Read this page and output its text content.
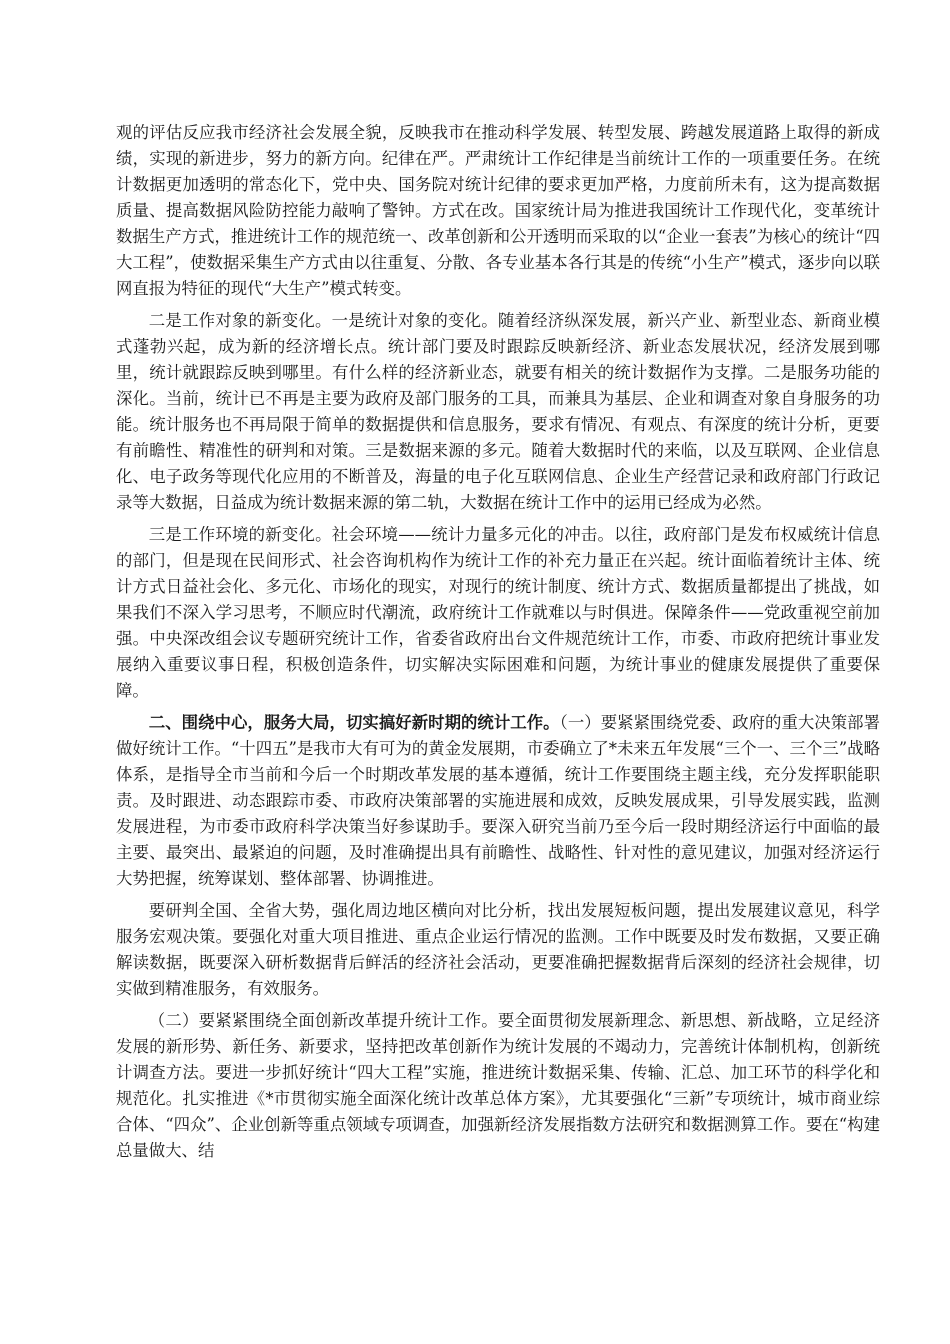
观的评估反应我市经济社会发展全貌，反映我市在推动科学发展、转型发展、跨越发展道路上取得的新成绩，实现的新进步，努力的新方向。纪律在严。严肃统计工作纪律是当前统计工作的一项重要任务。在统计数据更加透明的常态化下，党中央、国务院对统计纪律的要求更加严格，力度前所未有，这为提高数据质量、提高数据风险防控能力敲响了警钟。方式在改。国家统计局为推进我国统计工作现代化，变革统计数据生产方式，推进统计工作的规范统一、改革创新和公开透明而采取的以“企业一套表”为核心的统计“四大工程”，使数据采集生产方式由以往重复、分散、各专业基本各行其是的传统“小生产”模式，逐步向以联网直报为特征的现代“大生产”模式转变。

二是工作对象的新变化。一是统计对象的变化。随着经济纵深发展，新兴产业、新型业态、新商业模式蓬勃兴起，成为新的经济增长点。统计部门要及时跟踪反映新经济、新业态发展状况，经济发展到哪里，统计就跟踪反映到哪里。有什么样的经济新业态，就要有相关的统计数据作为支撑。二是服务功能的深化。当前，统计已不再是主要为政府及部门服务的工具，而兼具为基层、企业和调查对象自身服务的功能。统计服务也不再局限于简单的数据提供和信息服务，要求有情况、有观点、有深度的统计分析，更要有前瞻性、精准性的研判和对策。三是数据来源的多元。随着大数据时代的来临，以及互联网、企业信息化、电子政务等现代化应用的不断普及，海量的电子化互联网信息、企业生产经营记录和政府部门行政记录等大数据，日益成为统计数据来源的第二轨，大数据在统计工作中的运用已经成为必然。

三是工作环境的新变化。社会环境——统计力量多元化的冲击。以往，政府部门是发布权威统计信息的部门，但是现在民间形式、社会咨询机构作为统计工作的补充力量正在兴起。统计面临着统计主体、统计方式日益社会化、多元化、市场化的现实，对现行的统计制度、统计方式、数据质量都提出了挑战，如果我们不深入学习思考，不顺应时代潮流，政府统计工作就难以与时俱进。保障条件——党政重视空前加强。中央深改组会议专题研究统计工作，省委省政府出台文件规范统计工作，市委、市政府把统计事业发展纳入重要议事日程，积极创造条件，切实解决实际困难和问题，为统计事业的健康发展提供了重要保障。

二、围绕中心，服务大局，切实搞好新时期的统计工作。（一）要紧紧围绕党委、政府的重大决策部署做好统计工作。“十四五”是我市大有可为的黄金发展期，市委确立了*未来五年发展“三个一、三个三”战略体系，是指导全市当前和今后一个时期改革发展的基本遵循，统计工作要围绕主题主线，充分发挥职能职责。及时跟进、动态跟踪市委、市政府决策部署的实施进展和成效，反映发展成果，引导发展实践，监测发展进程，为市委市政府科学决策当好参谋助手。要深入研究当前乃至今后一段时期经济运行中面临的最主要、最突出、最紧迫的问题，及时准确提出具有前瞻性、战略性、针对性的意见建议，加强对经济运行大势把握，统筹谋划、整体部署、协调推进。

要研判全国、全省大势，强化周边地区横向对比分析，找出发展短板问题，提出发展建议意见，科学服务宏观决策。要强化对重大项目推进、重点企业运行情况的监测。工作中既要及时发布数据，又要正确解读数据，既要深入研析数据背后鲜活的经济社会活动，更要准确把握数据背后深刻的经济社会规律，切实做到精准服务，有效服务。

（二）要紧紧围绕全面创新改革提升统计工作。要全面贯彻发展新理念、新思想、新战略，立足经济发展的新形势、新任务、新要求，坚持把改革创新作为统计发展的不竭动力，完善统计体制机构，创新统计调查方法。要进一步抓好统计“四大工程”实施，推进统计数据采集、传输、汇总、加工环节的科学化和规范化。扎实推进《*市贯彻实施全面深化统计改革总体方案》，尤其要强化“三新”专项统计，城市商业综合体、“四众”、企业创新等重点领域专项调查，加强新经济发展指数方法研究和数据测算工作。要在“构建总量做大、结
